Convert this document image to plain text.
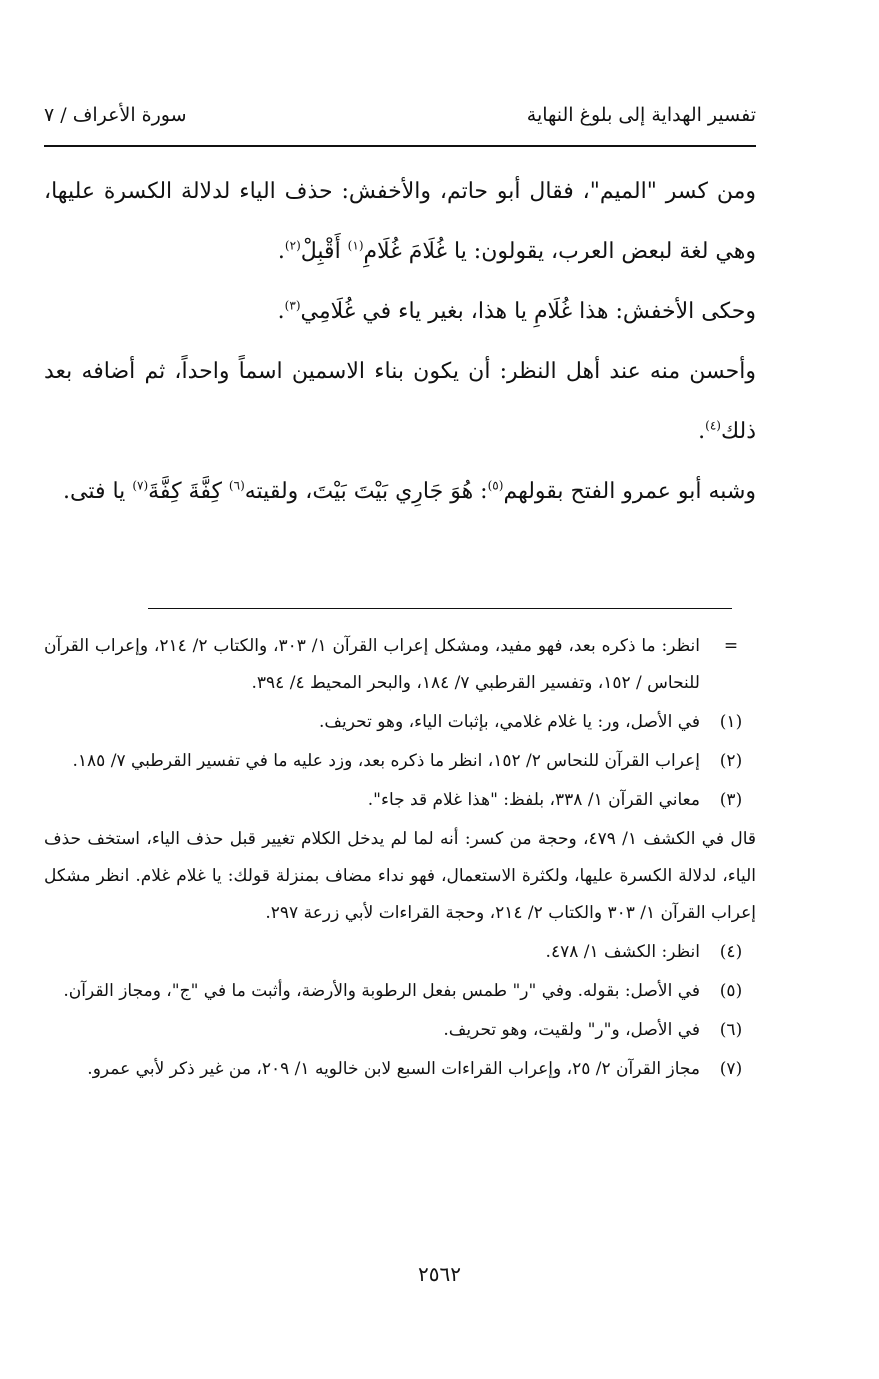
تفسير الهداية إلى بلوغ النهاية
سورة الأعراف / ٧

ومن كسر "الميم"، فقال أبو حاتم، والأخفش: حذف الياء لدلالة الكسرة عليها، وهي لغة لبعض العرب، يقولون: يا غُلَامَ غُلَامِ$^{(١)}$ أَقْبِلْ$^{(٢)}$.

وحكى الأخفش: هذا غُلَامِ يا هذا، بغير ياء في غُلَامِي$^{(٣)}$.

وأحسن منه عند أهل النظر: أن يكون بناء الاسمين اسماً واحداً، ثم أضافه بعد ذلك$^{(٤)}$.

وشبه أبو عمرو الفتح بقولهم$^{(٥)}$: هُوَ جَارِي بَيْتَ بَيْتَ، ولقيته$^{(٦)}$ كِفَّةَ كِفَّةَ$^{(٧)}$ يا فتى.

=
انظر: ما ذكره بعد، فهو مفيد، ومشكل إعراب القرآن ١/ ٣٠٣، والكتاب ٢/ ٢١٤، وإعراب القرآن للنحاس / ١٥٢، وتفسير القرطبي ٧/ ١٨٤، والبحر المحيط ٤/ ٣٩٤.
(١)
في الأصل، ور: يا غلام غلامي، بإثبات الياء، وهو تحريف.
(٢)
إعراب القرآن للنحاس ٢/ ١٥٢، انظر ما ذكره بعد، وزد عليه ما في تفسير القرطبي ٧/ ١٨٥.
(٣)
معاني القرآن ١/ ٣٣٨، بلفظ: "هذا غلام قد جاء".
قال في الكشف ١/ ٤٧٩، وحجة من كسر: أنه لما لم يدخل الكلام تغيير قبل حذف الياء، استخف حذف الياء، لدلالة الكسرة عليها، ولكثرة الاستعمال، فهو نداء مضاف بمنزلة قولك: يا غلام غلام. انظر مشكل إعراب القرآن ١/ ٣٠٣ والكتاب ٢/ ٢١٤، وحجة القراءات لأبي زرعة ٢٩٧.
(٤)
انظر: الكشف ١/ ٤٧٨.
(٥)
في الأصل: بقوله. وفي "ر" طمس بفعل الرطوبة والأرضة، وأثبت ما في "ج"، ومجاز القرآن.
(٦)
في الأصل، و"ر" ولقيت، وهو تحريف.
(٧)
مجاز القرآن ٢/ ٢٥، وإعراب القراءات السبع لابن خالويه ١/ ٢٠٩، من غير ذكر لأبي عمرو.
٢٥٦٢
